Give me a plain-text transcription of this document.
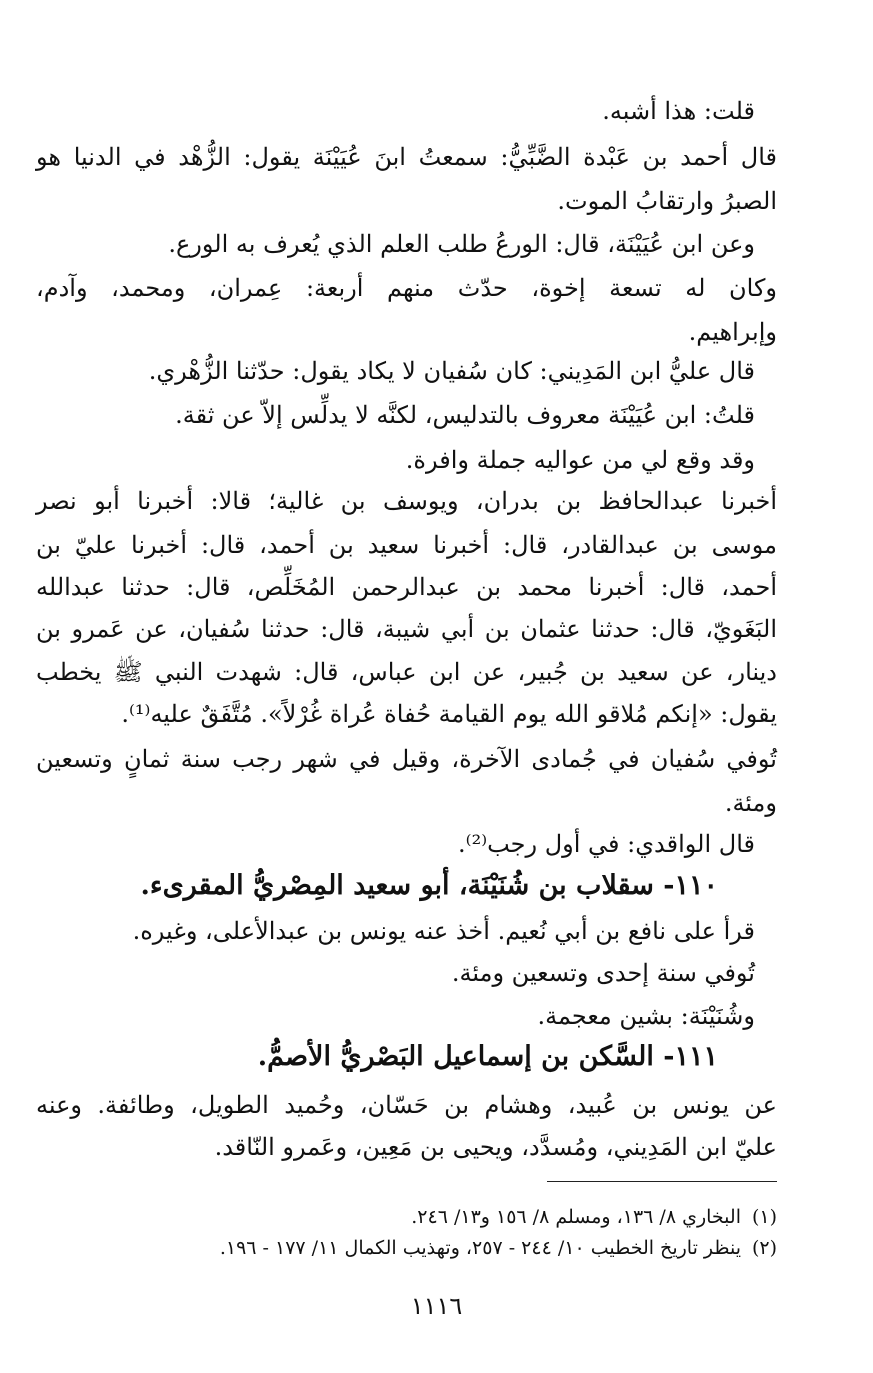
قلت: هذا أشبه.
قال أحمد بن عَبْدة الضَّبِّيُّ: سمعتُ ابنَ عُيَيْنَة يقول: الزُّهْد في الدنيا هو
الصبرُ وارتقابُ الموت.
وعن ابن عُيَيْنَة، قال: الورعُ طلب العلم الذي يُعرف به الورع.
وكان له تسعة إخوة، حدّث منهم أربعة: عِمران، ومحمد، وآدم،
وإبراهيم.
قال عليُّ ابن المَدِيني: كان سُفيان لا يكاد يقول: حدّثنا الزُّهْري.
قلتُ: ابن عُيَيْنَة معروف بالتدليس، لكنَّه لا يدلِّس إلاّ عن ثقة.
وقد وقع لي من عواليه جملة وافرة.
أخبرنا عبدالحافظ بن بدران، ويوسف بن غالية؛ قالا: أخبرنا أبو نصر
موسى بن عبدالقادر، قال: أخبرنا سعيد بن أحمد، قال: أخبرنا عليّ بن
أحمد، قال: أخبرنا محمد بن عبدالرحمن المُخَلِّص، قال: حدثنا عبدالله
البَغَويّ، قال: حدثنا عثمان بن أبي شيبة، قال: حدثنا سُفيان، عن عَمرو بن
دينار، عن سعيد بن جُبير، عن ابن عباس، قال: شهدت النبي ﷺ يخطب
يقول: «إنكم مُلاقو الله يوم القيامة حُفاة عُراة غُرْلاً». مُتَّفَقٌ عليه⁽¹⁾.
تُوفي سُفيان في جُمادى الآخرة، وقيل في شهر رجب سنة ثمانٍ وتسعين
ومئة.
قال الواقدي: في أول رجب⁽²⁾.
١١٠- سقلاب بن شُنَيْنَة، أبو سعيد المِصْريُّ المقرىء.
قرأ على نافع بن أبي نُعيم. أخذ عنه يونس بن عبدالأعلى، وغيره.
تُوفي سنة إحدى وتسعين ومئة.
وشُنَيْنَة: بشين معجمة.
١١١- السَّكن بن إسماعيل البَصْريُّ الأصمُّ.
عن يونس بن عُبيد، وهشام بن حَسّان، وحُميد الطويل، وطائفة. وعنه
عليّ ابن المَدِيني، ومُسدَّد، ويحيى بن مَعِين، وعَمرو النّاقد.
(١)البخاري ٨/ ١٣٦، ومسلم ٨/ ١٥٦ و١٣/ ٢٤٦.
(٢)ينظر تاريخ الخطيب ١٠/ ٢٤٤ - ٢٥٧، وتهذيب الكمال ١١/ ١٧٧ - ١٩٦.
١١١٦
